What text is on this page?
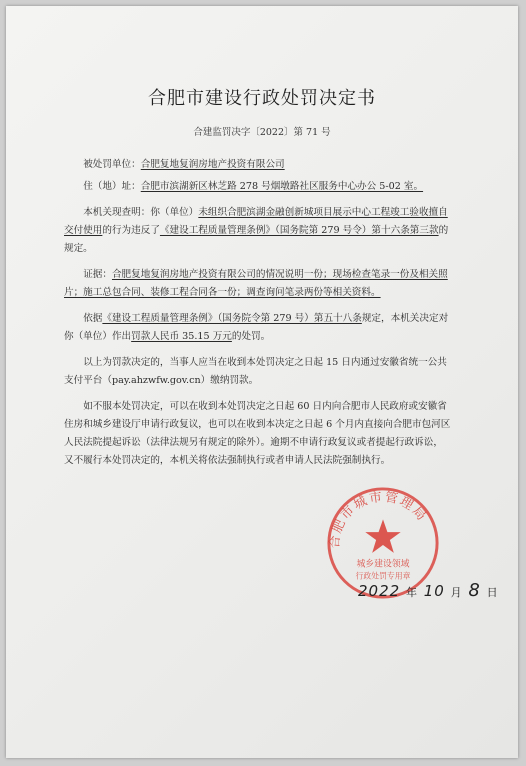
合肥市建设行政处罚决定书
合建监罚决字〔2022〕第 71 号

被处罚单位：合肥复地复润房地产投资有限公司

住（地）址：合肥市滨湖新区林芝路 278 号烟墩路社区服务中心办公 5-02 室。

本机关现查明：你（单位）未组织合肥滨湖金融创新城项目展示中心工程竣工验收擅自交付使用的行为违反了《建设工程质量管理条例》（国务院第 279 号令）第十六条第三款的规定。

证据：合肥复地复润房地产投资有限公司的情况说明一份；现场检查笔录一份及相关照片；施工总包合同、装修工程合同各一份；调查询问笔录两份等相关资料。

依据《建设工程质量管理条例》（国务院令第 279 号）第五十八条规定，本机关决定对你（单位）作出罚款人民币 35.15 万元的处罚。

以上为罚款决定的，当事人应当在收到本处罚决定之日起 15 日内通过安徽省统一公共支付平台（pay.ahzwfw.gov.cn）缴纳罚款。

如不服本处罚决定，可以在收到本处罚决定之日起 60 日内向合肥市人民政府或安徽省住房和城乡建设厅申请行政复议，也可以在收到本决定之日起 6 个月内直接向合肥市包河区人民法院提起诉讼（法律法规另有规定的除外）。逾期不申请行政复议或者提起行政诉讼，又不履行本处罚决定的，本机关将依法强制执行或者申请人民法院强制执行。

合肥市城市管理局
城乡建设领域
行政处罚专用章
2022 年 10 月 8 日
